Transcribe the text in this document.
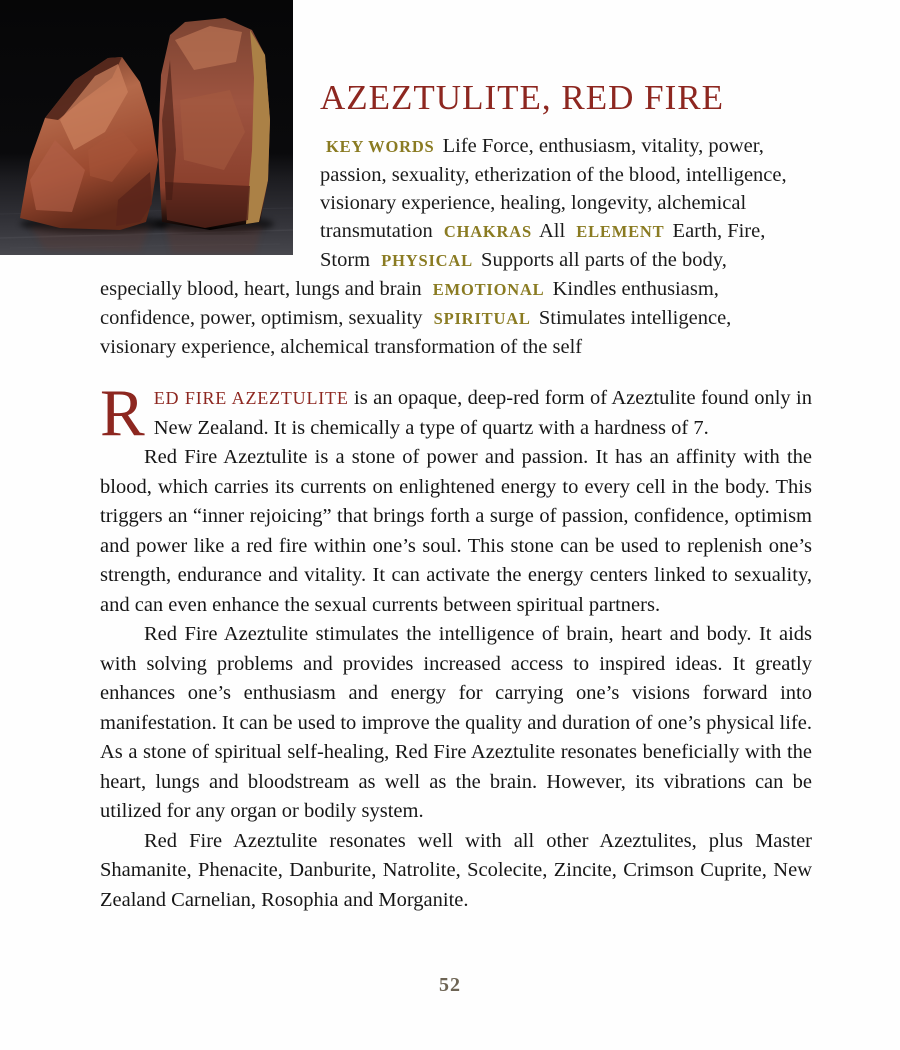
AZEZTULITE, RED FIRE
KEY WORDS Life Force, enthusiasm, vitality, power, passion, sexuality, etherization of the blood, intelligence, visionary experience, healing, longevity, alchemical transmutation CHAKRAS All ELEMENT Earth, Fire, Storm PHYSICAL Supports all parts of the body, especially blood, heart, lungs and brain EMOTIONAL Kindles enthusiasm, confidence, power, optimism, sexuality SPIRITUAL Stimulates intelligence, visionary experience, alchemical transformation of the self

RED FIRE AZEZTULITE is an opaque, deep-red form of Azeztulite found only in New Zealand. It is chemically a type of quartz with a hardness of 7.

Red Fire Azeztulite is a stone of power and passion. It has an affinity with the blood, which carries its currents on enlightened energy to every cell in the body. This triggers an “inner rejoicing” that brings forth a surge of passion, confidence, optimism and power like a red fire within one’s soul. This stone can be used to replenish one’s strength, endurance and vitality. It can activate the energy centers linked to sexuality, and can even enhance the sexual currents between spiritual partners.

Red Fire Azeztulite stimulates the intelligence of brain, heart and body. It aids with solving problems and provides increased access to inspired ideas. It greatly enhances one’s enthusiasm and energy for carrying one’s visions forward into manifestation. It can be used to improve the quality and duration of one’s physical life. As a stone of spiritual self-healing, Red Fire Azeztulite resonates beneficially with the heart, lungs and bloodstream as well as the brain. However, its vibrations can be utilized for any organ or bodily system.

Red Fire Azeztulite resonates well with all other Azeztulites, plus Master Shamanite, Phenacite, Danburite, Natrolite, Scolecite, Zincite, Crimson Cuprite, New Zealand Carnelian, Rosophia and Morganite.

52
